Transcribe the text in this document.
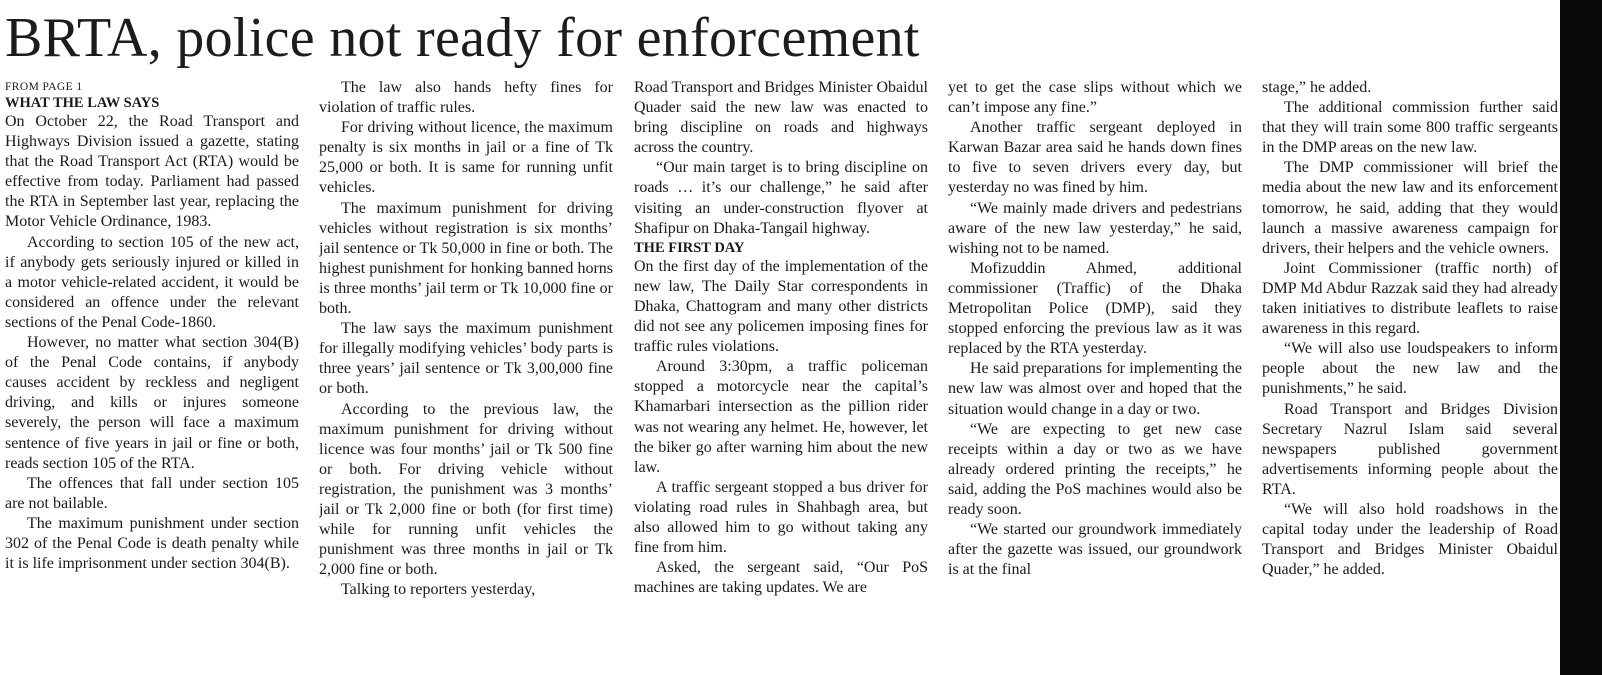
BRTA, police not ready for enforcement
FROM PAGE 1
WHAT THE LAW SAYS

On October 22, the Road Transport and Highways Division issued a gazette, stating that the Road Transport Act (RTA) would be effective from today. Parliament had passed the RTA in September last year, replacing the Motor Vehicle Ordinance, 1983.

According to section 105 of the new act, if anybody gets seriously injured or killed in a motor vehicle-related accident, it would be considered an offence under the relevant sections of the Penal Code-1860.

However, no matter what section 304(B) of the Penal Code contains, if anybody causes accident by reckless and negligent driving, and kills or injures someone severely, the person will face a maximum sentence of five years in jail or fine or both, reads section 105 of the RTA.

The offences that fall under section 105 are not bailable.

The maximum punishment under section 302 of the Penal Code is death penalty while it is life imprisonment under section 304(B).

The law also hands hefty fines for violation of traffic rules.

For driving without licence, the maximum penalty is six months in jail or a fine of Tk 25,000 or both. It is same for running unfit vehicles.

The maximum punishment for driving vehicles without registration is six months’ jail sentence or Tk 50,000 in fine or both. The highest punishment for honking banned horns is three months’ jail term or Tk 10,000 fine or both.

The law says the maximum punishment for illegally modifying vehicles’ body parts is three years’ jail sentence or Tk 3,00,000 fine or both.

According to the previous law, the maximum punishment for driving without licence was four months’ jail or Tk 500 fine or both. For driving vehicle without registration, the punishment was 3 months’ jail or Tk 2,000 fine or both (for first time) while for running unfit vehicles the punishment was three months in jail or Tk 2,000 fine or both.

Talking to reporters yesterday,

Road Transport and Bridges Minister Obaidul Quader said the new law was enacted to bring discipline on roads and highways across the country.

“Our main target is to bring discipline on roads … it’s our challenge,” he said after visiting an under-construction flyover at Shafipur on Dhaka-Tangail highway.

THE FIRST DAY

On the first day of the implementation of the new law, The Daily Star correspondents in Dhaka, Chattogram and many other districts did not see any policemen imposing fines for traffic rules violations.

Around 3:30pm, a traffic policeman stopped a motorcycle near the capital’s Khamarbari intersection as the pillion rider was not wearing any helmet. He, however, let the biker go after warning him about the new law.

A traffic sergeant stopped a bus driver for violating road rules in Shahbagh area, but also allowed him to go without taking any fine from him.

Asked, the sergeant said, “Our PoS machines are taking updates. We are

yet to get the case slips without which we can’t impose any fine.”

Another traffic sergeant deployed in Karwan Bazar area said he hands down fines to five to seven drivers every day, but yesterday no was fined by him.

“We mainly made drivers and pedestrians aware of the new law yesterday,” he said, wishing not to be named.

Mofizuddin Ahmed, additional commissioner (Traffic) of the Dhaka Metropolitan Police (DMP), said they stopped enforcing the previous law as it was replaced by the RTA yesterday.

He said preparations for implementing the new law was almost over and hoped that the situation would change in a day or two.

“We are expecting to get new case receipts within a day or two as we have already ordered printing the receipts,” he said, adding the PoS machines would also be ready soon.

“We started our groundwork immediately after the gazette was issued, our groundwork is at the final

stage,” he added.

The additional commission further said that they will train some 800 traffic sergeants in the DMP areas on the new law.

The DMP commissioner will brief the media about the new law and its enforcement tomorrow, he said, adding that they would launch a massive awareness campaign for drivers, their helpers and the vehicle owners.

Joint Commissioner (traffic north) of DMP Md Abdur Razzak said they had already taken initiatives to distribute leaflets to raise awareness in this regard.

“We will also use loudspeakers to inform people about the new law and the punishments,” he said.

Road Transport and Bridges Division Secretary Nazrul Islam said several newspapers published government advertisements informing people about the RTA.

“We will also hold roadshows in the capital today under the leadership of Road Transport and Bridges Minister Obaidul Quader,” he added.
